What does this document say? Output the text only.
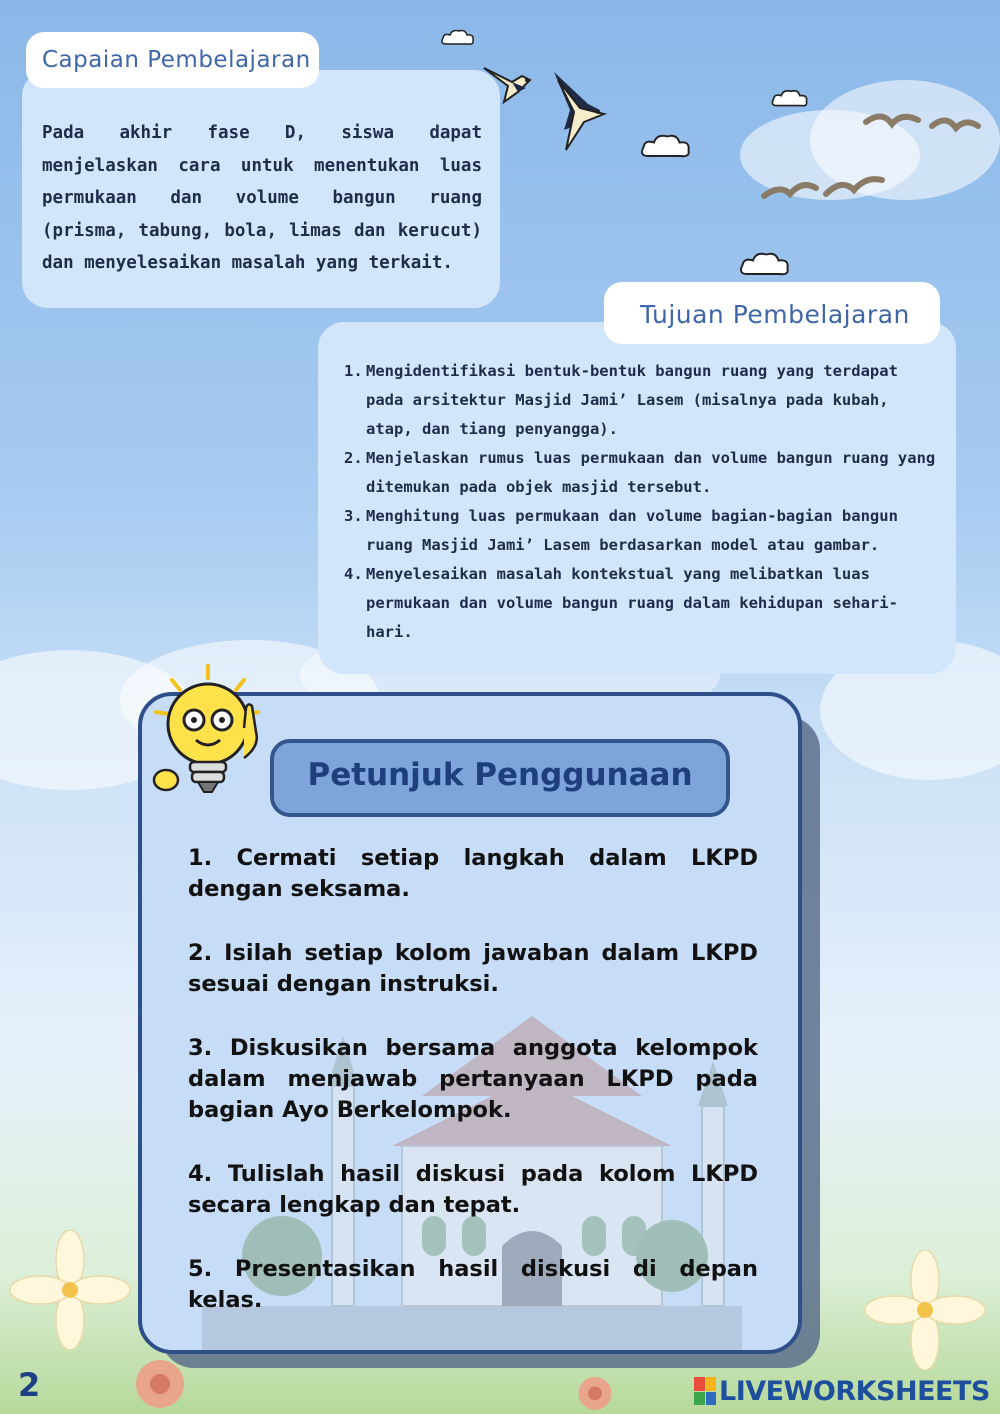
Capaian Pembelajaran
Pada akhir fase D, siswa dapat menjelaskan cara untuk menentukan luas permukaan dan volume bangun ruang (prisma, tabung, bola, limas dan kerucut) dan menyelesaikan masalah yang terkait.
Tujuan Pembelajaran
1. Mengidentifikasi bentuk-bentuk bangun ruang yang terdapat pada arsitektur Masjid Jami’ Lasem (misalnya pada kubah, atap, dan tiang penyangga).
2. Menjelaskan rumus luas permukaan dan volume bangun ruang yang ditemukan pada objek masjid tersebut.
3. Menghitung luas permukaan dan volume bagian-bagian bangun ruang Masjid Jami’ Lasem berdasarkan model atau gambar.
4. Menyelesaikan masalah kontekstual yang melibatkan luas permukaan dan volume bangun ruang dalam kehidupan sehari-hari.
Petunjuk Penggunaan

1. Cermati setiap langkah dalam LKPD dengan seksama.

2. Isilah setiap kolom jawaban dalam LKPD sesuai dengan instruksi.

3. Diskusikan bersama anggota kelompok dalam menjawab pertanyaan LKPD pada bagian Ayo Berkelompok.

4. Tulislah hasil diskusi pada kolom LKPD secara lengkap dan tepat.

5. Presentasikan hasil diskusi di depan kelas.

2	LIVEWORKSHEETS
